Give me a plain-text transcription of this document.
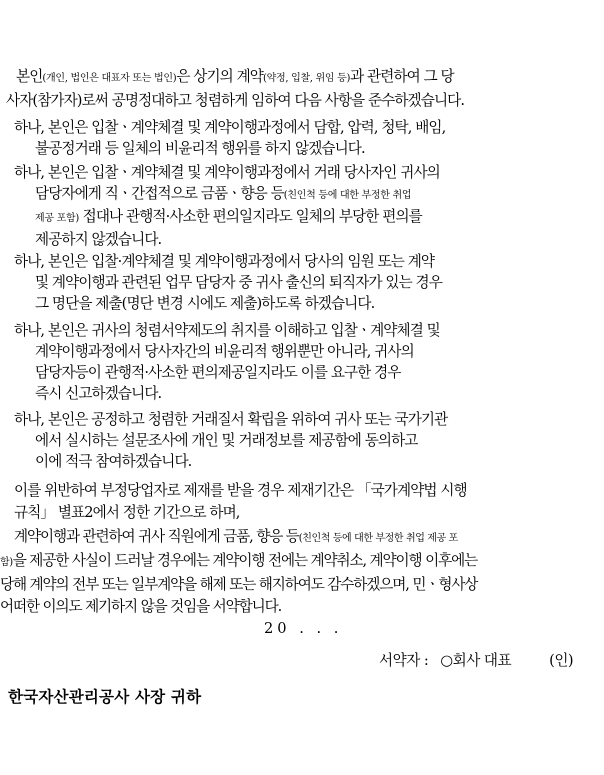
본인(개인, 법인은 대표자 또는 법인)은 상기의 계약(약정, 입찰, 위임 등)과 관련하여 그 당
사자(참가자)로써 공명정대하고 청렴하게 임하여 다음 사항을 준수하겠습니다.
하나, 본인은 입찰ㆍ계약체결 및 계약이행과정에서 담합, 압력, 청탁, 배임,
불공정거래 등 일체의 비윤리적 행위를 하지 않겠습니다.
하나, 본인은 입찰ㆍ계약체결 및 계약이행과정에서 거래 당사자인 귀사의
담당자에게 직ㆍ간접적으로 금품ㆍ향응 등(친인척 등에 대한 부정한 취업
제공 포함) 접대나 관행적·사소한 편의일지라도 일체의 부당한 편의를
제공하지 않겠습니다.
하나, 본인은 입찰·계약체결 및 계약이행과정에서 당사의 임원 또는 계약
및 계약이행과 관련된 업무 담당자 중 귀사 출신의 퇴직자가 있는 경우
그 명단을 제출(명단 변경 시에도 제출)하도록 하겠습니다.
하나, 본인은 귀사의 청렴서약제도의 취지를 이해하고 입찰ㆍ계약체결 및
계약이행과정에서 당사자간의 비윤리적 행위뿐만 아니라, 귀사의
담당자등이 관행적·사소한 편의제공일지라도 이를 요구한 경우
즉시 신고하겠습니다.
하나, 본인은 공정하고 청렴한 거래질서 확립을 위하여 귀사 또는 국가기관
에서 실시하는 설문조사에 개인 및 거래정보를 제공함에 동의하고
이에 적극 참여하겠습니다.
이를 위반하여 부정당업자로 제재를 받을 경우 제재기간은 「국가계약법 시행
규칙」 별표2에서 정한 기간으로 하며,
계약이행과 관련하여 귀사 직원에게 금품, 향응 등(친인척 등에 대한 부정한 취업 제공 포
함)을 제공한 사실이 드러날 경우에는 계약이행 전에는 계약취소, 계약이행 이후에는
당해 계약의 전부 또는 일부계약을 해제 또는 해지하여도 감수하겠으며, 민ㆍ형사상
어떠한 이의도 제기하지 않을 것임을 서약합니다.
20 . . .
서약자 : ○회사 대표	(인)
한국자산관리공사 사장 귀하
